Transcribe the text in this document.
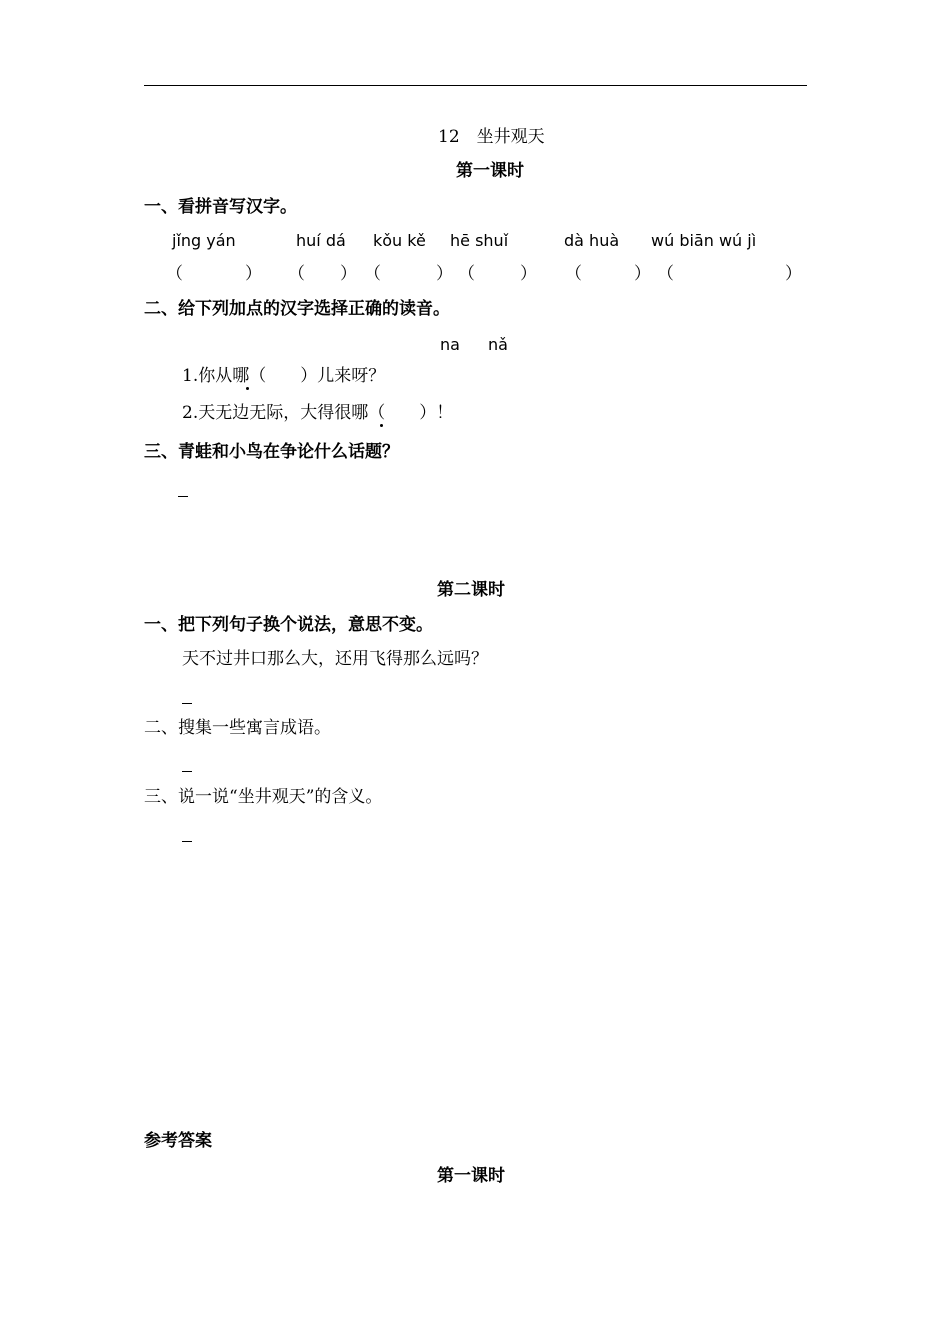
12　坐井观天
第一课时
一、看拼音写汉字。
jǐng yán	huí dá kǒu kě hē shuǐ	dà huà wú biān wú jì
（	） （ ） （	） （	） （	） （	）
二、给下列加点的汉字选择正确的读音。
na nǎ
1.你从哪（　　）儿来呀？
2.天无边无际，大得很哪（　　）！
三、青蛙和小鸟在争论什么话题？
第二课时
一、把下列句子换个说法，意思不变。
天不过井口那么大，还用飞得那么远吗？
二、搜集一些寓言成语。
三、说一说“坐井观天”的含义。
参考答案
第一课时
